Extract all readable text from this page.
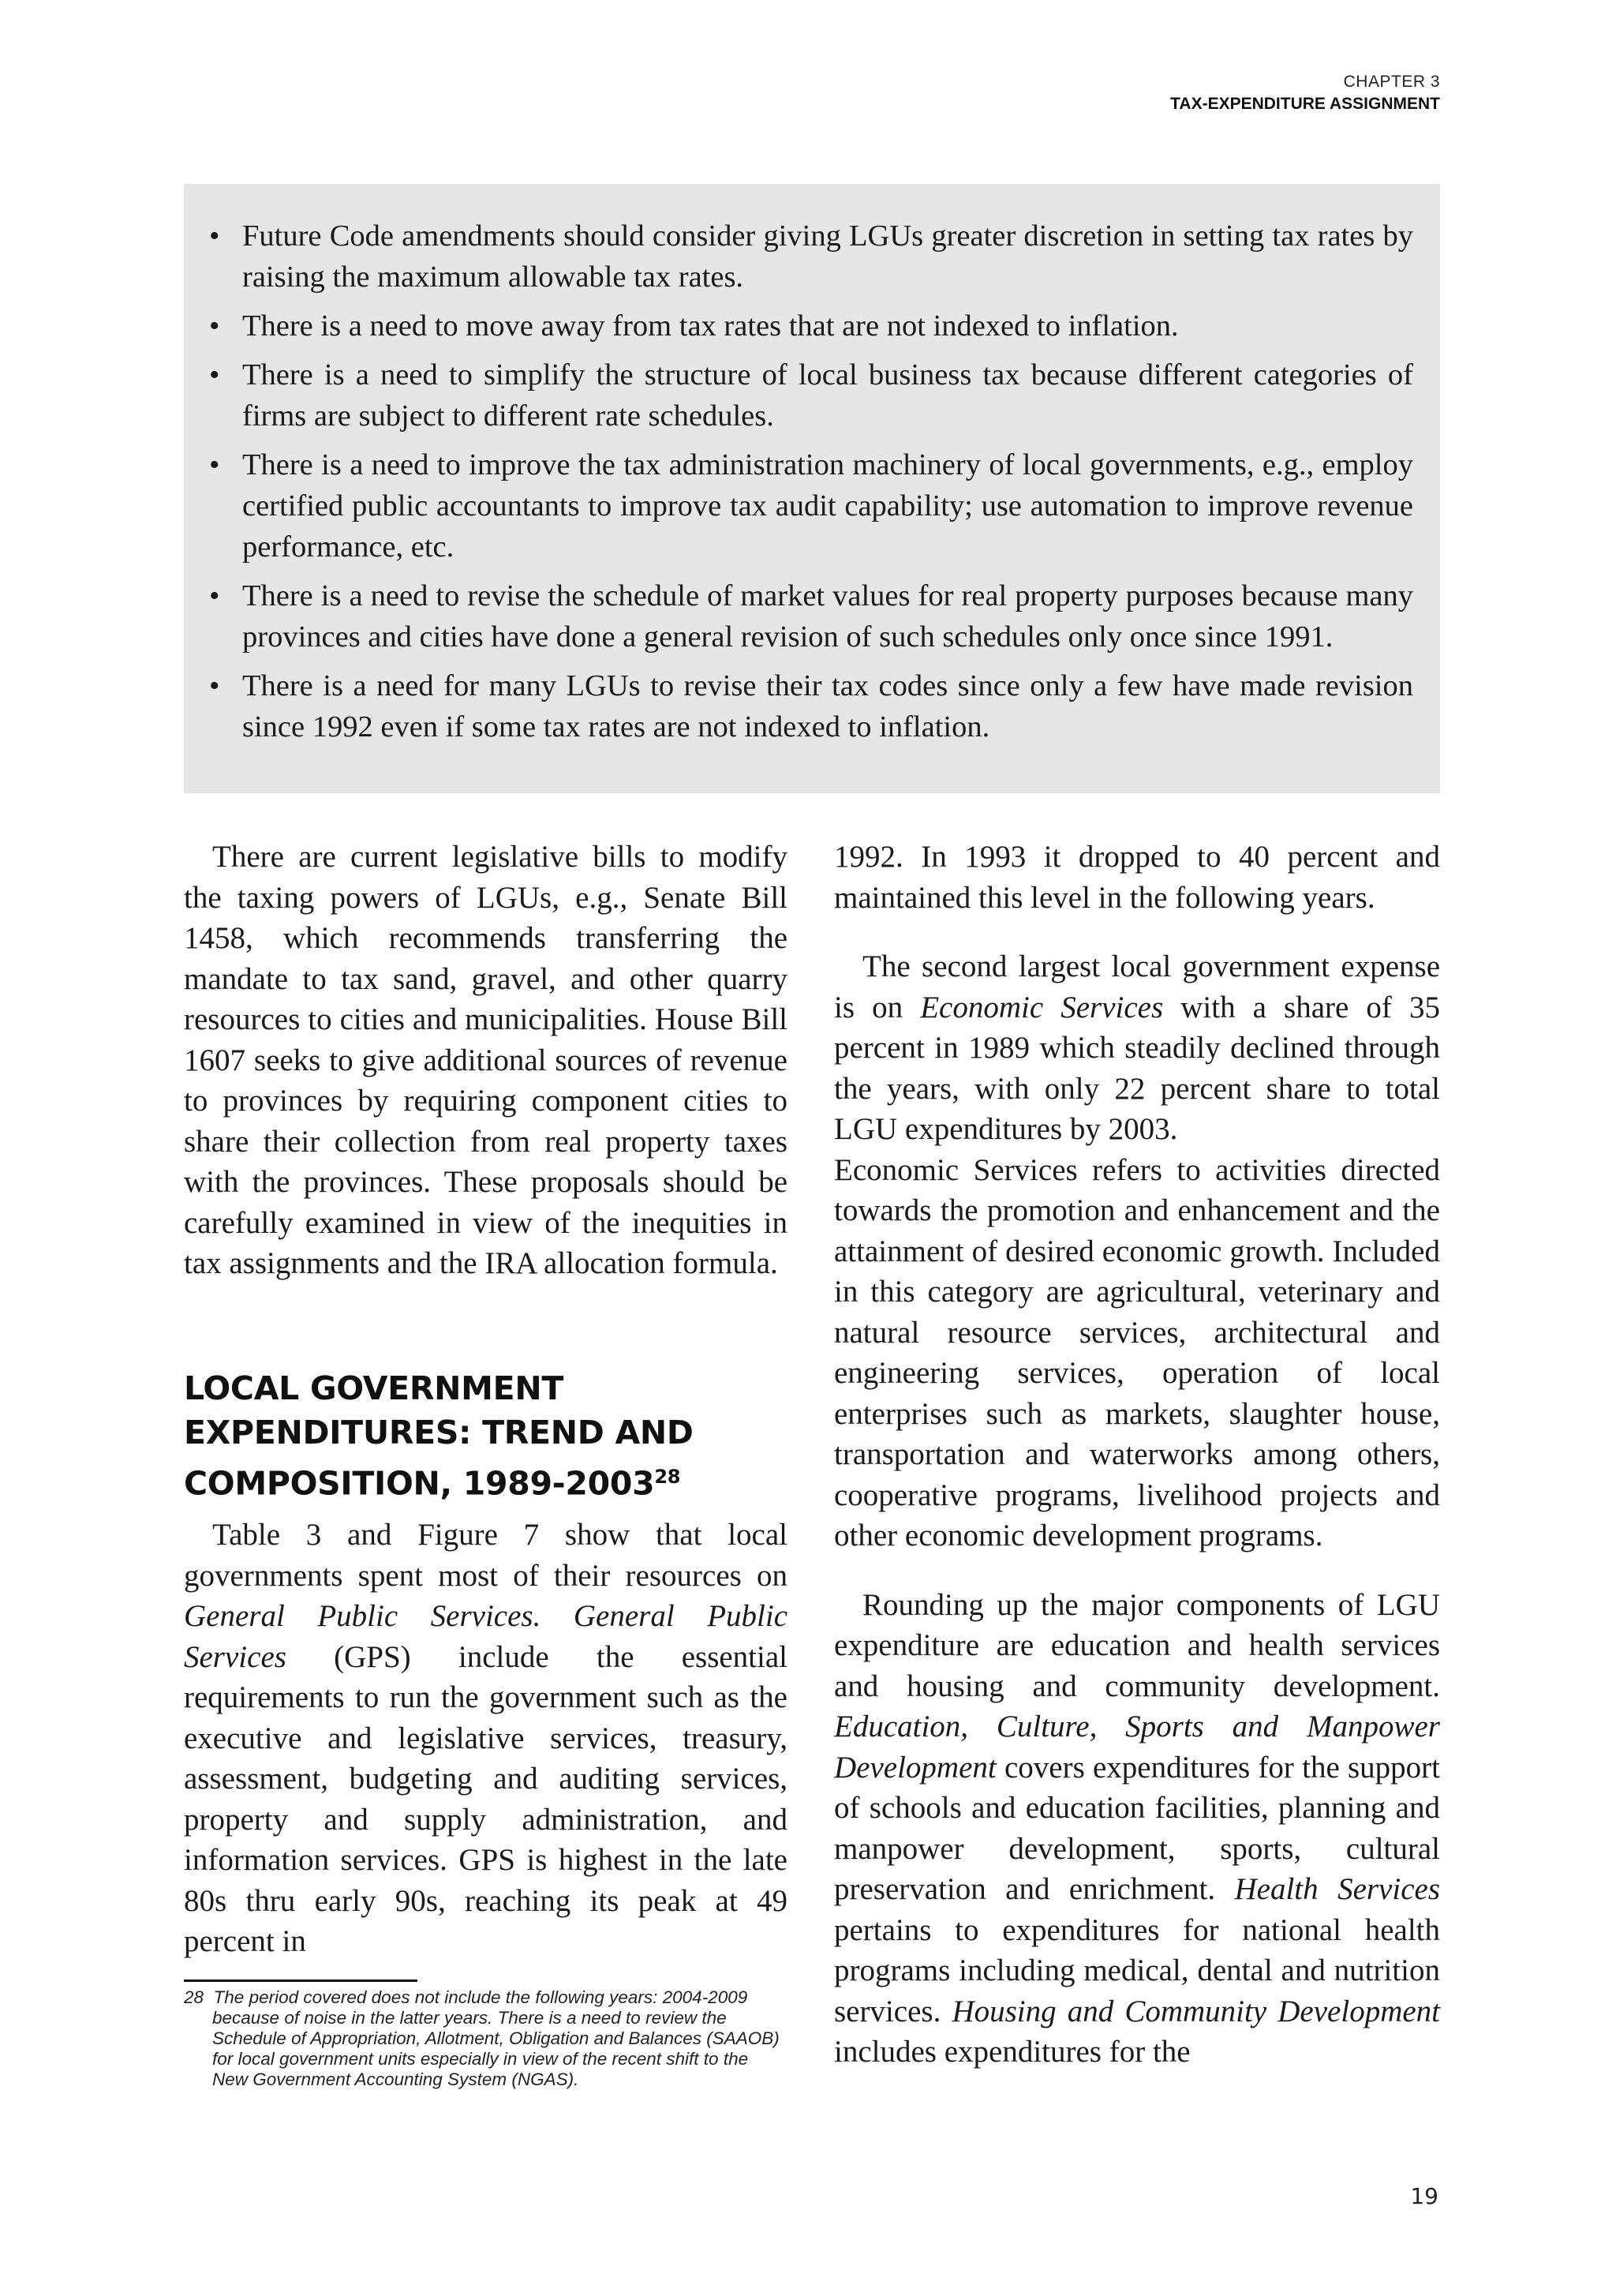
CHAPTER 3
TAX-EXPENDITURE ASSIGNMENT
• Future Code amendments should consider giving LGUs greater discretion in setting tax rates by raising the maximum allowable tax rates.
• There is a need to move away from tax rates that are not indexed to inflation.
• There is a need to simplify the structure of local business tax because different categories of firms are subject to different rate schedules.
• There is a need to improve the tax administration machinery of local governments, e.g., employ certified public accountants to improve tax audit capability; use automation to improve revenue performance, etc.
• There is a need to revise the schedule of market values for real property purposes because many provinces and cities have done a general revision of such schedules only once since 1991.
• There is a need for many LGUs to revise their tax codes since only a few have made revision since 1992 even if some tax rates are not indexed to inflation.

There are current legislative bills to modify the taxing powers of LGUs, e.g., Senate Bill 1458, which recommends transferring the mandate to tax sand, gravel, and other quarry resources to cities and municipalities. House Bill 1607 seeks to give additional sources of revenue to provinces by requiring component cities to share their collection from real property taxes with the provinces. These proposals should be carefully examined in view of the inequities in tax assignments and the IRA allocation formula.

LOCAL GOVERNMENT EXPENDITURES: TREND AND COMPOSITION, 1989-2003$^{28}$

Table 3 and Figure 7 show that local governments spent most of their resources on General Public Services. General Public Services (GPS) include the essential requirements to run the government such as the executive and legislative services, treasury, assessment, budgeting and auditing services, property and supply administration, and information services. GPS is highest in the late 80s thru early 90s, reaching its peak at 49 percent in

28 The period covered does not include the following years: 2004-2009 because of noise in the latter years. There is a need to review the Schedule of Appropriation, Allotment, Obligation and Balances (SAAOB) for local government units especially in view of the recent shift to the New Government Accounting System (NGAS).

1992. In 1993 it dropped to 40 percent and maintained this level in the following years.

The second largest local government expense is on Economic Services with a share of 35 percent in 1989 which steadily declined through the years, with only 22 percent share to total LGU expenditures by 2003.

Economic Services refers to activities directed towards the promotion and enhancement and the attainment of desired economic growth. Included in this category are agricultural, veterinary and natural resource services, architectural and engineering services, operation of local enterprises such as markets, slaughter house, transportation and waterworks among others, cooperative programs, livelihood projects and other economic development programs.

Rounding up the major components of LGU expenditure are education and health services and housing and community development. Education, Culture, Sports and Manpower Development covers expenditures for the support of schools and education facilities, planning and manpower development, sports, cultural preservation and enrichment. Health Services pertains to expenditures for national health programs including medical, dental and nutrition services. Housing and Community Development includes expenditures for the

19
